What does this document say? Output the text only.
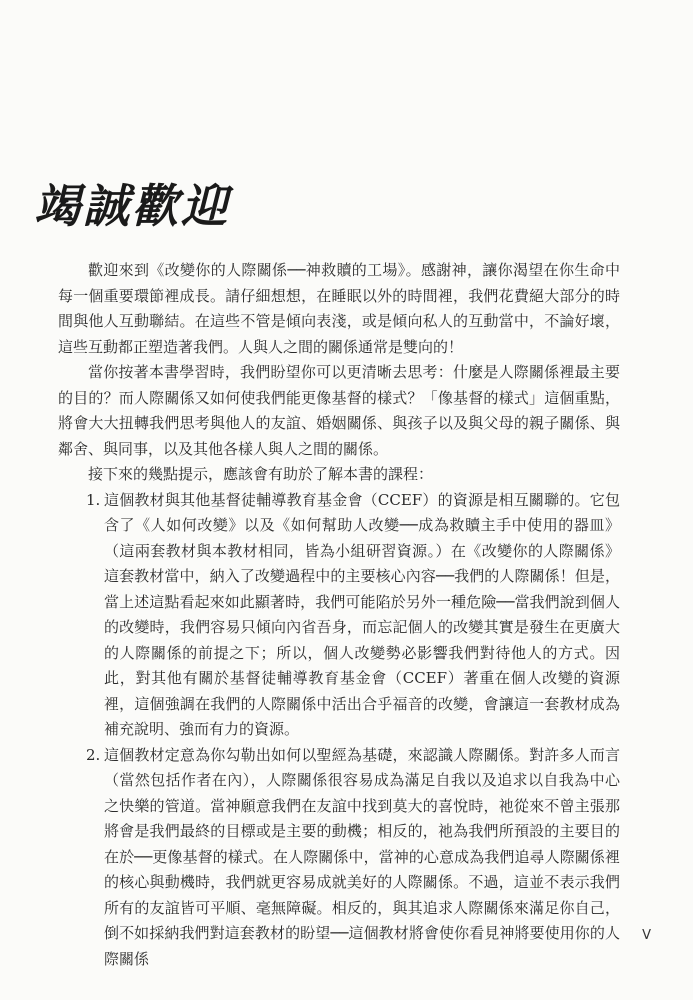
竭誠歡迎

歡迎來到《改變你的人際關係──神救贖的工場》。感謝神，讓你渴望在你生命中每一個重要環節裡成長。請仔細想想，在睡眠以外的時間裡，我們花費絕大部分的時間與他人互動聯結。在這些不管是傾向表淺，或是傾向私人的互動當中，不論好壞，這些互動都正塑造著我們。人與人之間的關係通常是雙向的！

當你按著本書學習時，我們盼望你可以更清晰去思考：什麼是人際關係裡最主要的目的？而人際關係又如何使我們能更像基督的樣式？「像基督的樣式」這個重點，將會大大扭轉我們思考與他人的友誼、婚姻關係、與孩子以及與父母的親子關係、與鄰舍、與同事，以及其他各樣人與人之間的關係。

接下來的幾點提示，應該會有助於了解本書的課程：

1. 這個教材與其他基督徒輔導教育基金會（CCEF）的資源是相互關聯的。它包含了《人如何改變》以及《如何幫助人改變──成為救贖主手中使用的器皿》（這兩套教材與本教材相同，皆為小組研習資源。）在《改變你的人際關係》這套教材當中，納入了改變過程中的主要核心內容──我們的人際關係！但是，當上述這點看起來如此顯著時，我們可能陷於另外一種危險──當我們說到個人的改變時，我們容易只傾向內省吾身，而忘記個人的改變其實是發生在更廣大的人際關係的前提之下；所以，個人改變勢必影響我們對待他人的方式。因此，對其他有關於基督徒輔導教育基金會（CCEF）著重在個人改變的資源裡，這個強調在我們的人際關係中活出合乎福音的改變，會讓這一套教材成為補充說明、強而有力的資源。
2. 這個教材定意為你勾勒出如何以聖經為基礎，來認識人際關係。對許多人而言（當然包括作者在內），人際關係很容易成為滿足自我以及追求以自我為中心之快樂的管道。當神願意我們在友誼中找到莫大的喜悅時，祂從來不曾主張那將會是我們最終的目標或是主要的動機；相反的，祂為我們所預設的主要目的在於──更像基督的樣式。在人際關係中，當神的心意成為我們追尋人際關係裡的核心與動機時，我們就更容易成就美好的人際關係。不過，這並不表示我們所有的友誼皆可平順、毫無障礙。相反的，與其追求人際關係來滿足你自己，倒不如採納我們對這套教材的盼望──這個教材將會使你看見神將要使用你的人際關係
V
